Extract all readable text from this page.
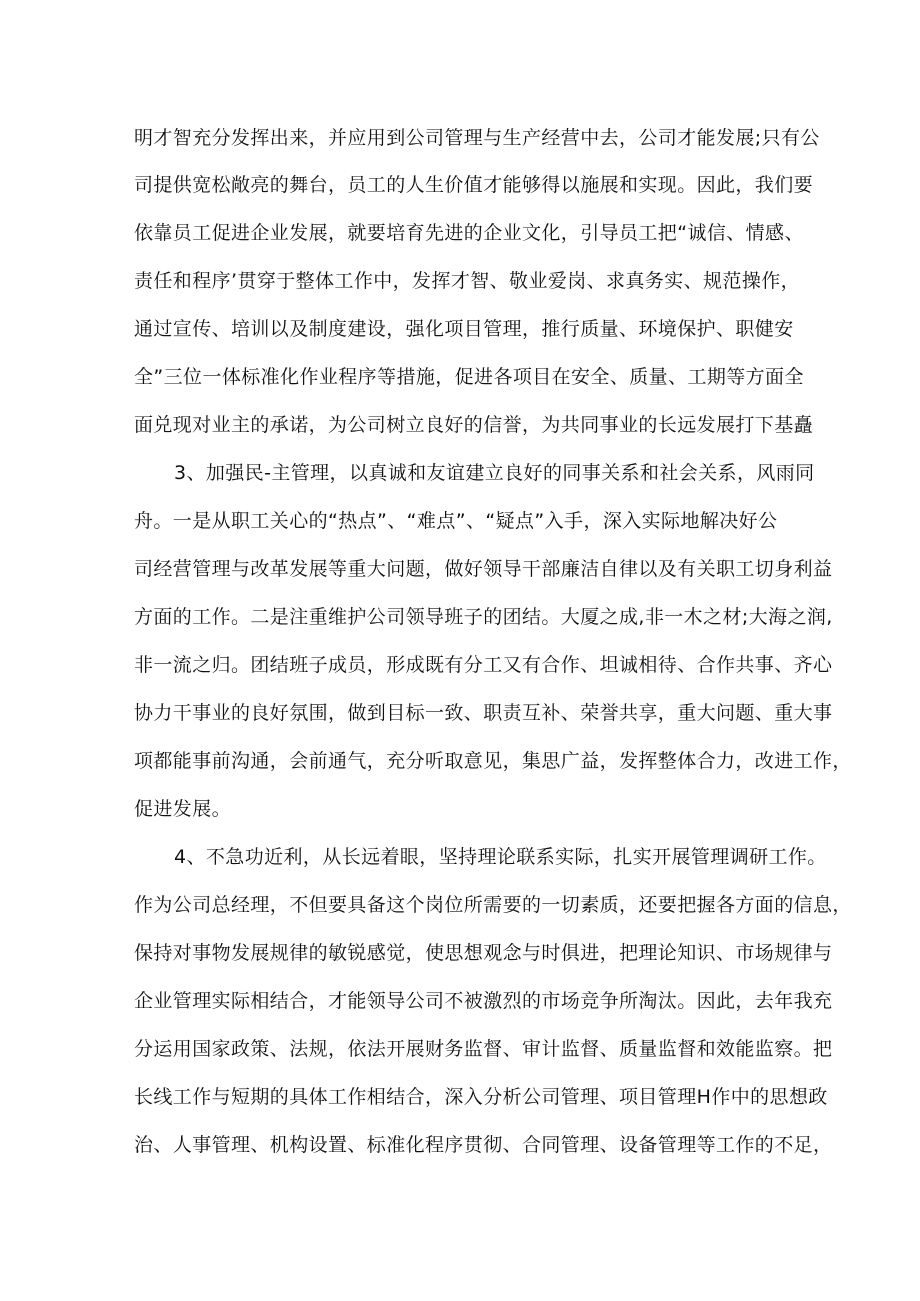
明才智充分发挥出来，并应用到公司管理与生产经营中去，公司才能发展;只有公
司提供宽松敞亮的舞台，员工的人生价值才能够得以施展和实现。因此，我们要
依靠员工促进企业发展，就要培育先进的企业文化，引导员工把“诚信、情感、
责任和程序’贯穿于整体工作中，发挥才智、敬业爱岗、求真务实、规范操作，
通过宣传、培训以及制度建设，强化项目管理，推行质量、环境保护、职健安
全”三位一体标准化作业程序等措施，促进各项目在安全、质量、工期等方面全
面兑现对业主的承诺，为公司树立良好的信誉，为共同事业的长远发展打下基矗
3、加强民-主管理，以真诚和友谊建立良好的同事关系和社会关系，风雨同
舟。一是从职工关心的“热点”、“难点”、“疑点”入手，深入实际地解决好公
司经营管理与改革发展等重大问题，做好领导干部廉洁自律以及有关职工切身利益
方面的工作。二是注重维护公司领导班子的团结。大厦之成,非一木之材;大海之润,
非一流之归。团结班子成员，形成既有分工又有合作、坦诚相待、合作共事、齐心
协力干事业的良好氛围，做到目标一致、职责互补、荣誉共享，重大问题、重大事
项都能事前沟通，会前通气，充分听取意见，集思广益，发挥整体合力，改进工作，
促进发展。
4、不急功近利，从长远着眼，坚持理论联系实际，扎实开展管理调研工作。
作为公司总经理，不但要具备这个岗位所需要的一切素质，还要把握各方面的信息，
保持对事物发展规律的敏锐感觉，使思想观念与时俱进，把理论知识、市场规律与
企业管理实际相结合，才能领导公司不被激烈的市场竞争所淘汰。因此，去年我充
分运用国家政策、法规，依法开展财务监督、审计监督、质量监督和效能监察。把
长线工作与短期的具体工作相结合，深入分析公司管理、项目管理H作中的思想政
治、人事管理、机构设置、标准化程序贯彻、合同管理、设备管理等工作的不足，
